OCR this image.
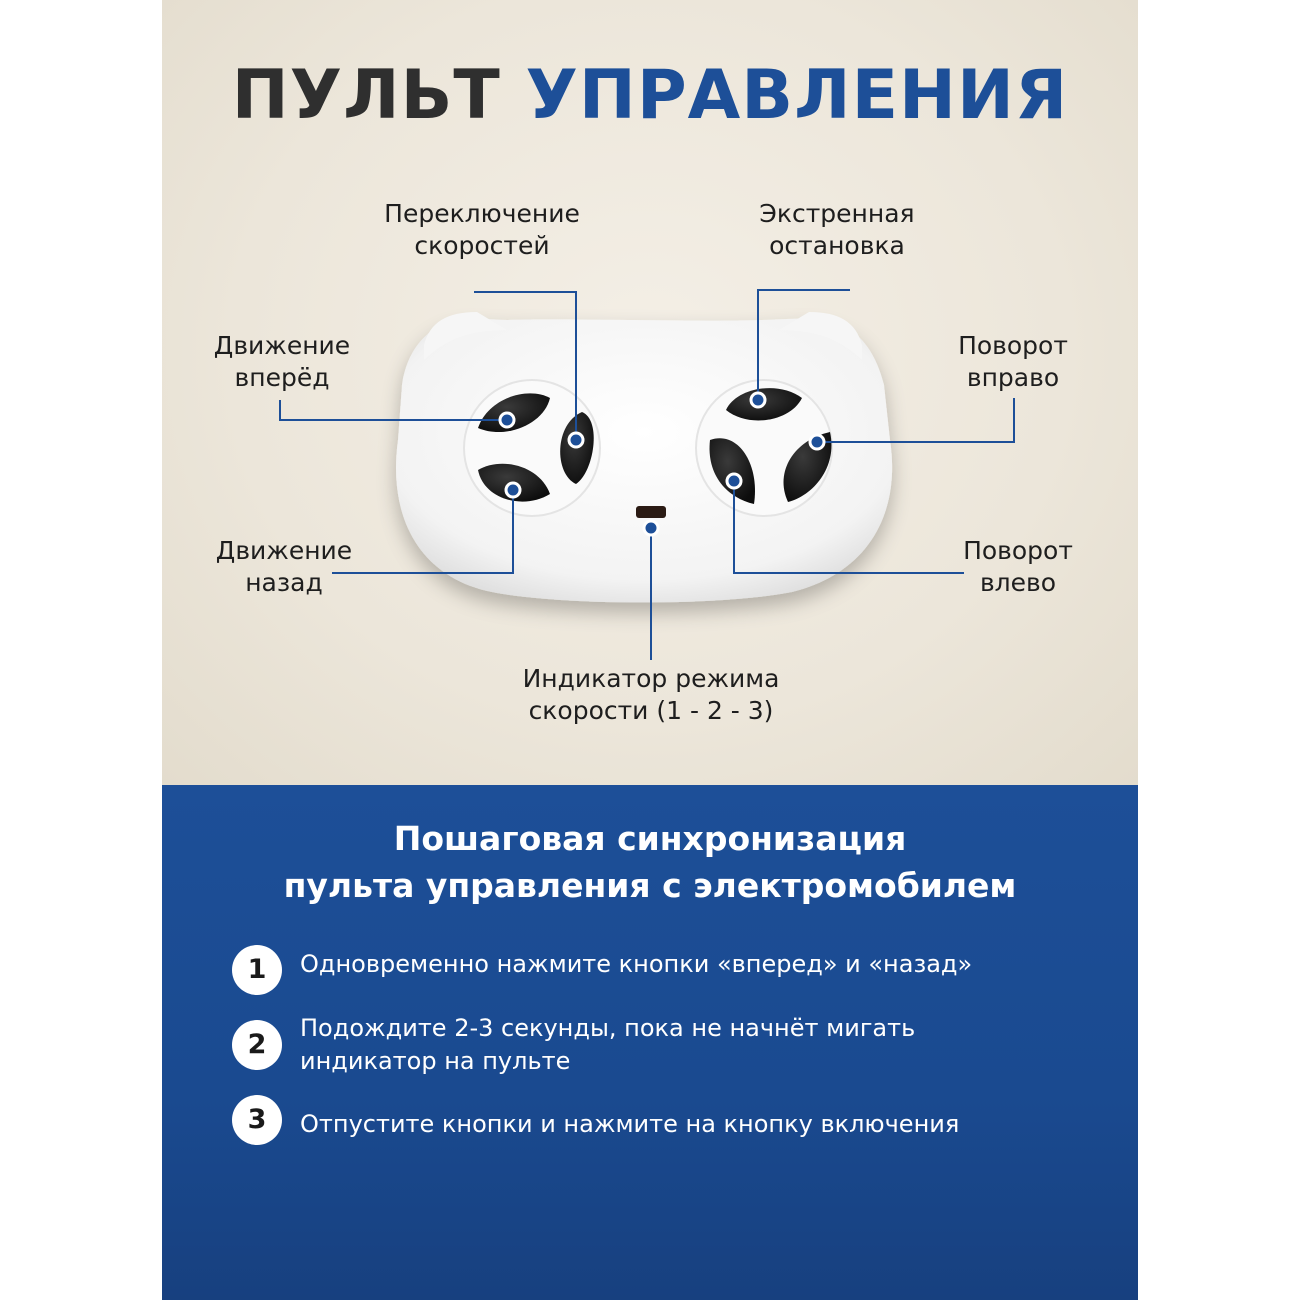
ПУЛЬТ УПРАВЛЕНИЯ
Переключение
скоростей
Экстренная
остановка
Движение
вперёд
Поворот
вправо
Движение
назад
Поворот
влево
Индикатор режима
скорости (1 - 2 - 3)
Пошаговая синхронизация
пульта управления с электромобилем
1	Одновременно нажмите кнопки «вперед» и «назад»
2
Подождите 2-3 секунды, пока не начнёт мигать
индикатор на пульте
3	Отпустите кнопки и нажмите на кнопку включения
